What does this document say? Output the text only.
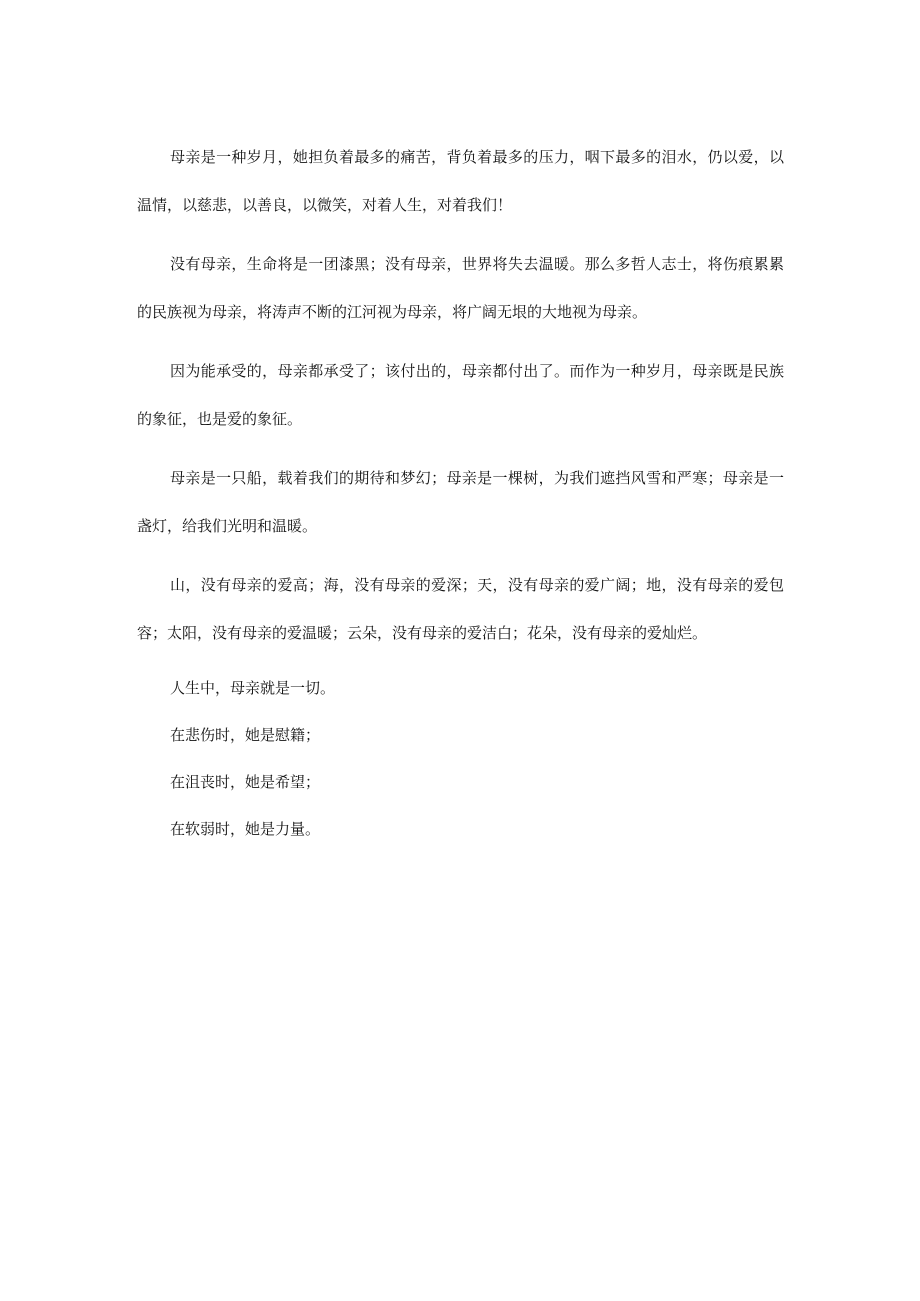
母亲是一种岁月，她担负着最多的痛苦，背负着最多的压力，咽下最多的泪水，仍以爱，以温情，以慈悲，以善良，以微笑，对着人生，对着我们！

没有母亲，生命将是一团漆黑；没有母亲，世界将失去温暖。那么多哲人志士，将伤痕累累的民族视为母亲，将涛声不断的江河视为母亲，将广阔无垠的大地视为母亲。

因为能承受的，母亲都承受了；该付出的，母亲都付出了。而作为一种岁月，母亲既是民族的象征，也是爱的象征。

母亲是一只船，载着我们的期待和梦幻；母亲是一棵树，为我们遮挡风雪和严寒；母亲是一盏灯，给我们光明和温暖。

山，没有母亲的爱高；海，没有母亲的爱深；天，没有母亲的爱广阔；地，没有母亲的爱包容；太阳，没有母亲的爱温暖；云朵，没有母亲的爱洁白；花朵，没有母亲的爱灿烂。

人生中，母亲就是一切。

在悲伤时，她是慰籍；

在沮丧时，她是希望；

在软弱时，她是力量。
